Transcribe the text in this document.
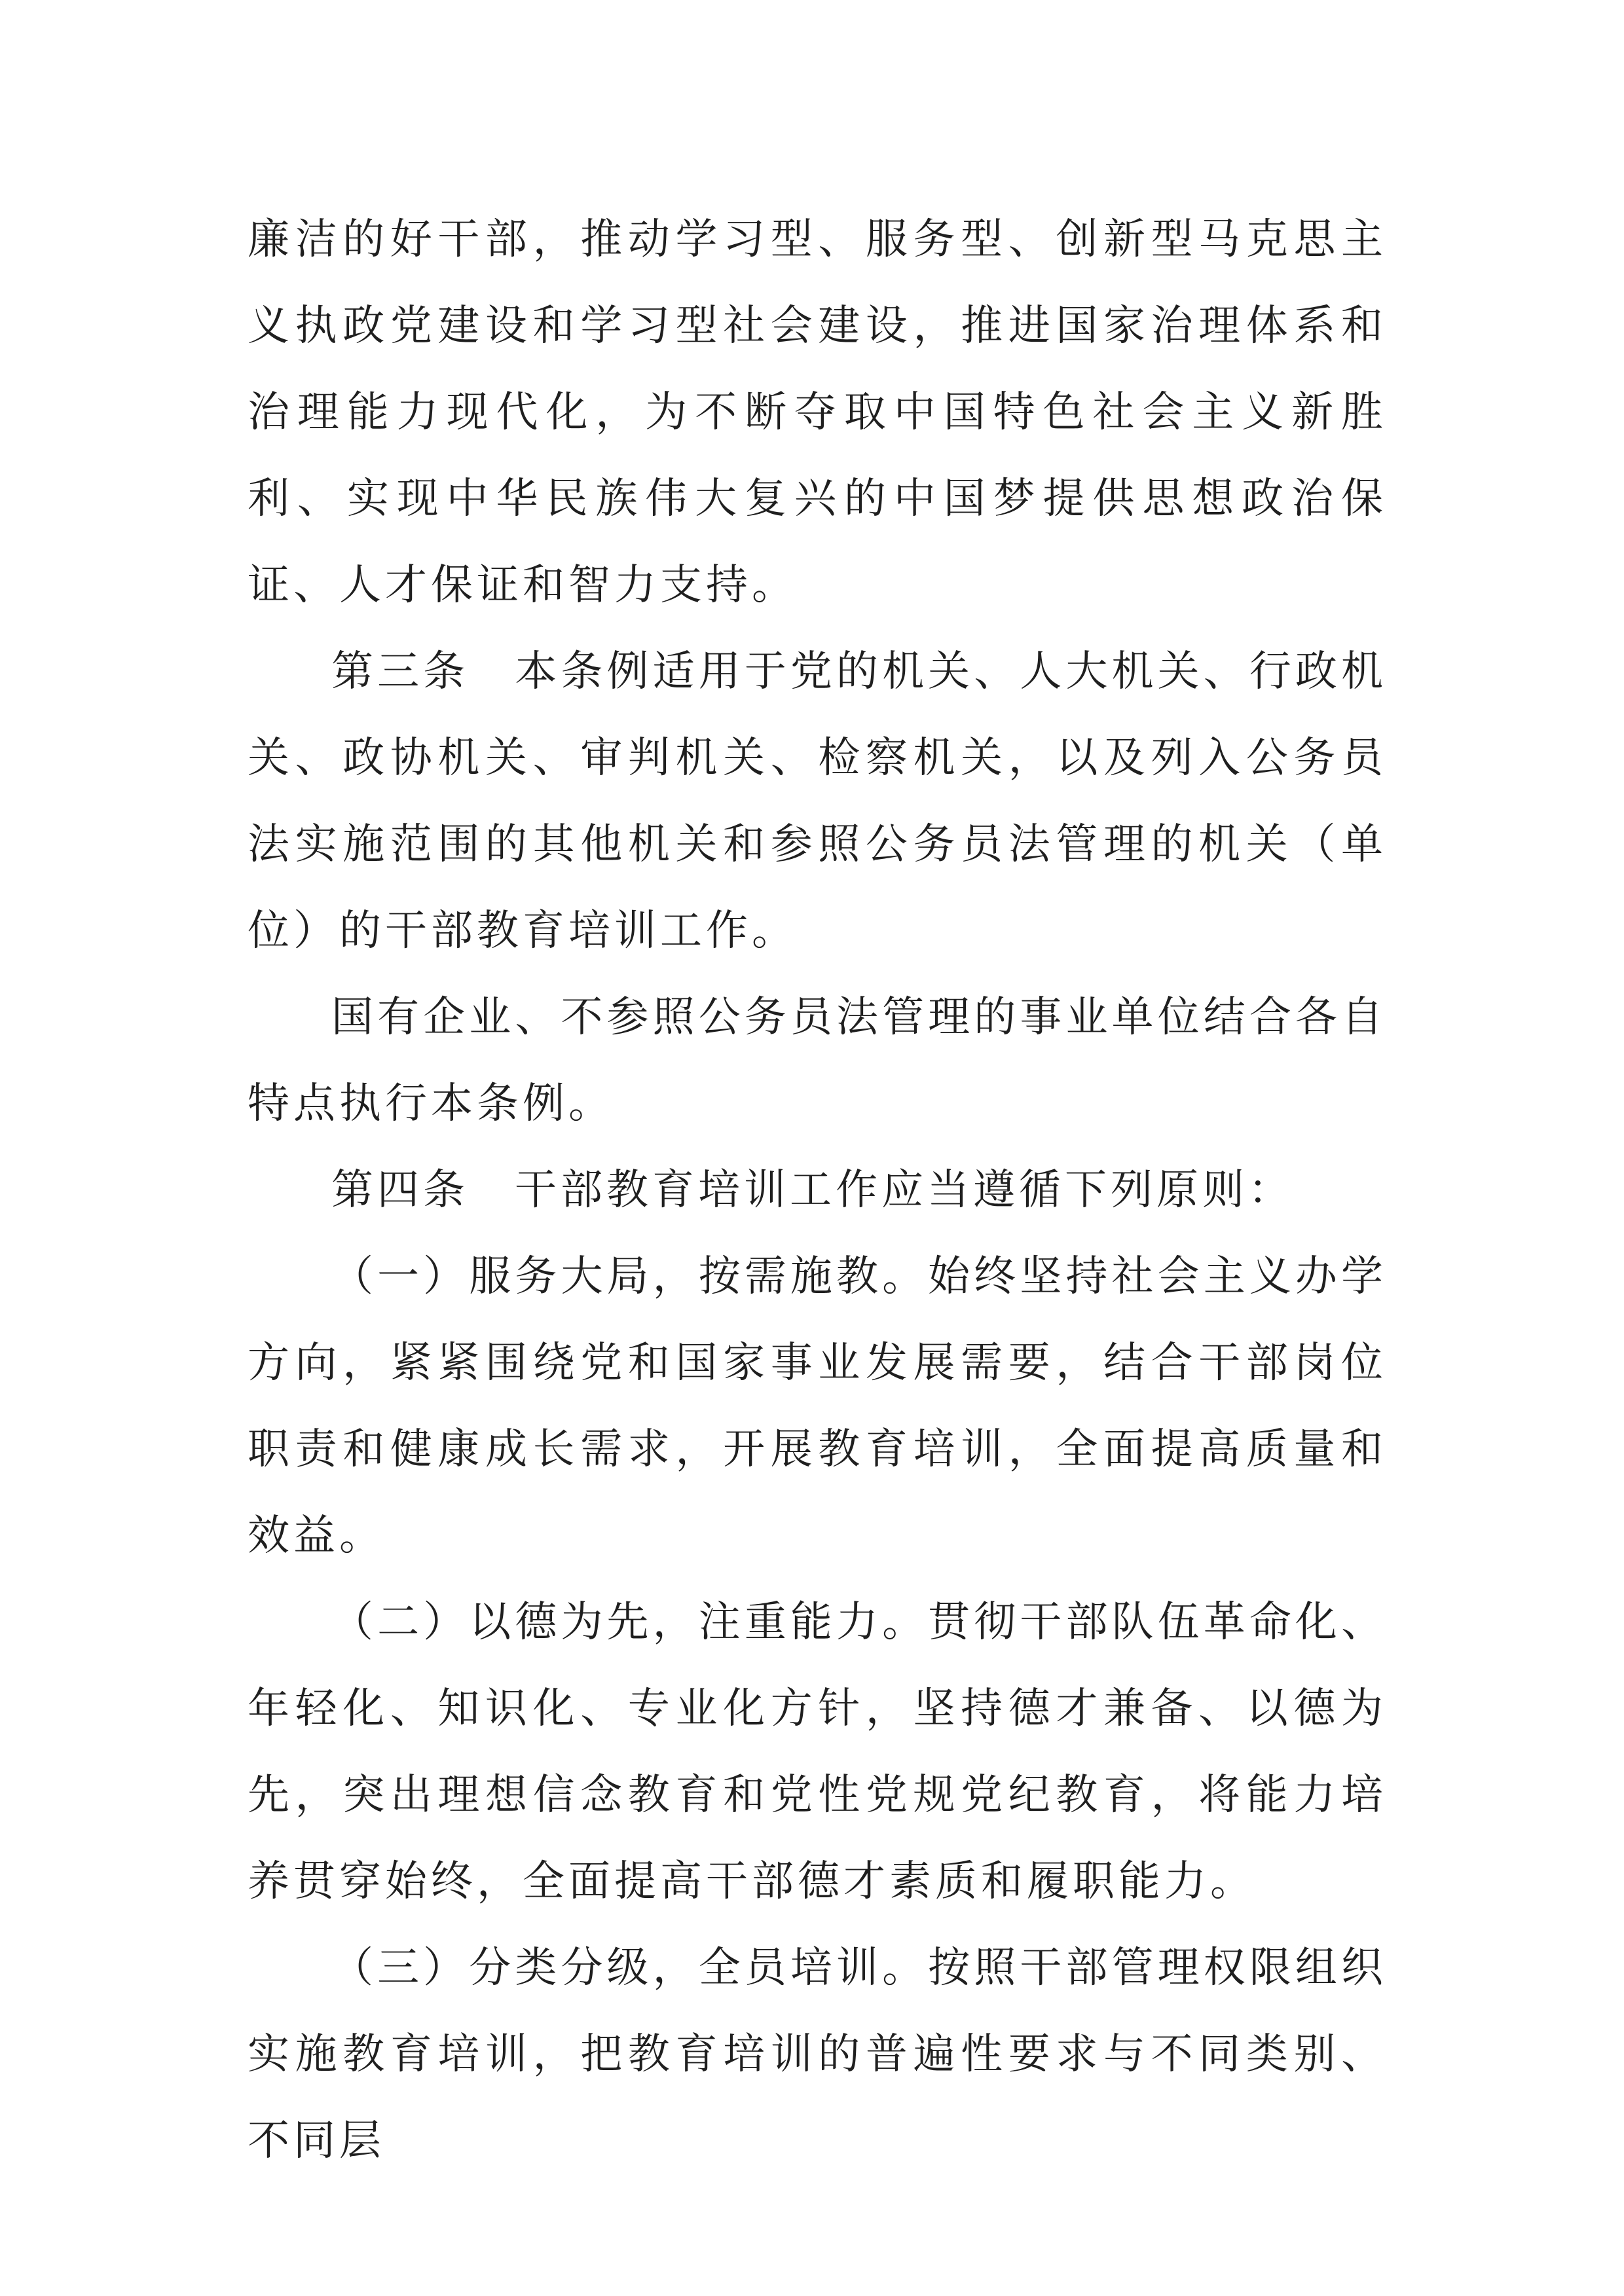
廉洁的好干部，推动学习型、服务型、创新型马克思主义执政党建设和学习型社会建设，推进国家治理体系和治理能力现代化，为不断夺取中国特色社会主义新胜利、实现中华民族伟大复兴的中国梦提供思想政治保证、人才保证和智力支持。

第三条　本条例适用于党的机关、人大机关、行政机关、政协机关、审判机关、检察机关，以及列入公务员法实施范围的其他机关和参照公务员法管理的机关（单位）的干部教育培训工作。

国有企业、不参照公务员法管理的事业单位结合各自特点执行本条例。

第四条　干部教育培训工作应当遵循下列原则：

（一）服务大局，按需施教。始终坚持社会主义办学方向，紧紧围绕党和国家事业发展需要，结合干部岗位职责和健康成长需求，开展教育培训，全面提高质量和效益。

（二）以德为先，注重能力。贯彻干部队伍革命化、年轻化、知识化、专业化方针，坚持德才兼备、以德为先，突出理想信念教育和党性党规党纪教育，将能力培养贯穿始终，全面提高干部德才素质和履职能力。

（三）分类分级，全员培训。按照干部管理权限组织实施教育培训，把教育培训的普遍性要求与不同类别、不同层
